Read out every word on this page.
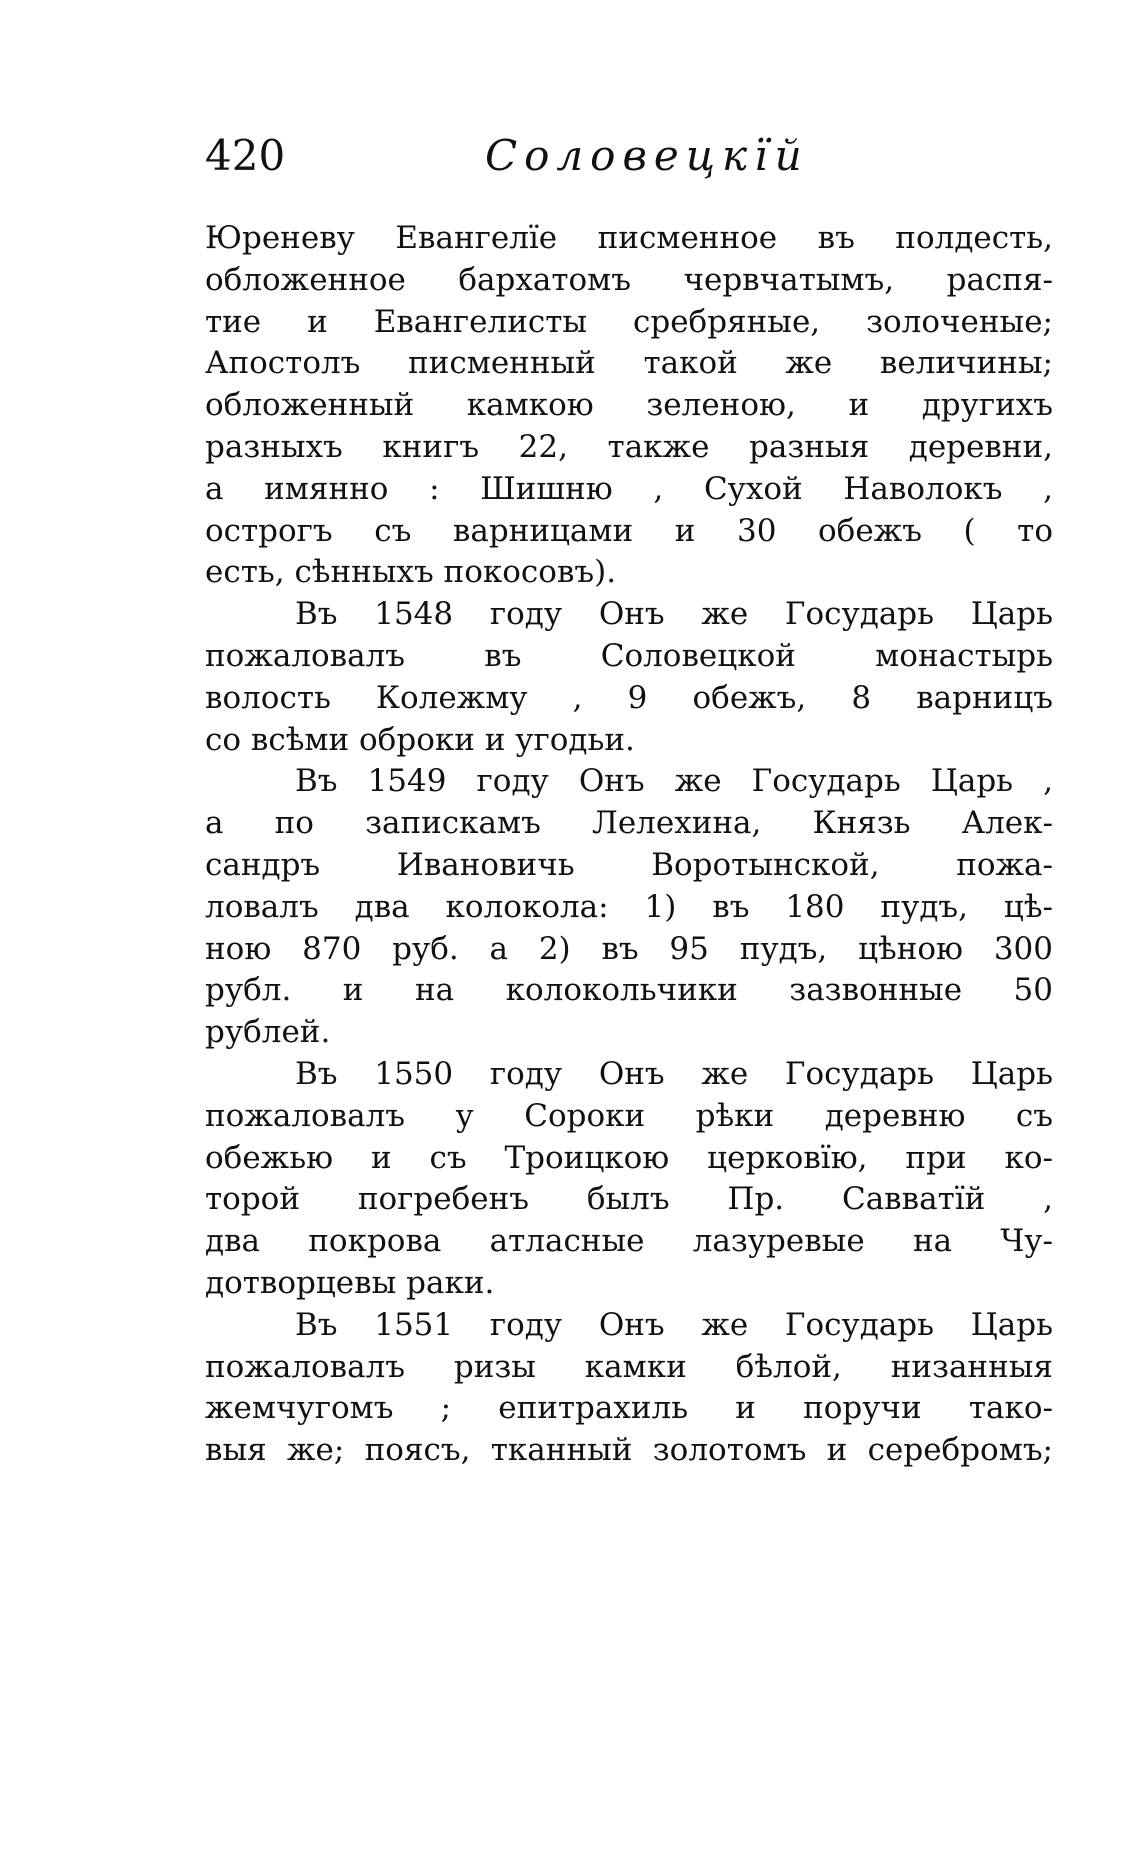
420	Соловецкїй
Юреневу Евангелїе писменное въ полдесть,
обложенное бархатомъ червчатымъ, распя-
тие и Евангелисты сребряные, золоченые;
Апостолъ писменный такой же величины;
обложенный камкою зеленою, и другихъ
разныхъ книгъ 22, также разныя деревни,
а имянно : Шишню , Сухой Наволокъ ,
острогъ съ варницами и 30 обежъ ( то
есть, сѣнныхъ покосовъ).
Въ 1548 году Онъ же Государь Царь
пожаловалъ въ Соловецкой монастырь
волость Колежму , 9 обежъ, 8 варницъ
со всѣми оброки и угодьи.
Въ 1549 году Онъ же Государь Царь ,
а по запискамъ Лелехина, Князь Алек-
сандръ Ивановичь Воротынской, пожа-
ловалъ два колокола: 1) въ 180 пудъ, цѣ-
ною 870 руб. а 2) въ 95 пудъ, цѣною 300
рубл. и на колокольчики зазвонные 50
рублей.
Въ 1550 году Онъ же Государь Царь
пожаловалъ у Сороки рѣки деревню съ
обежью и съ Троицкою церковїю, при ко-
торой погребенъ былъ Пр. Савватїй ,
два покрова атласные лазуревые на Чу-
дотворцевы раки.
Въ 1551 году Онъ же Государь Царь
пожаловалъ ризы камки бѣлой, низанныя
жемчугомъ ; епитрахиль и поручи тако-
выя же; поясъ, тканный золотомъ и серебромъ;
